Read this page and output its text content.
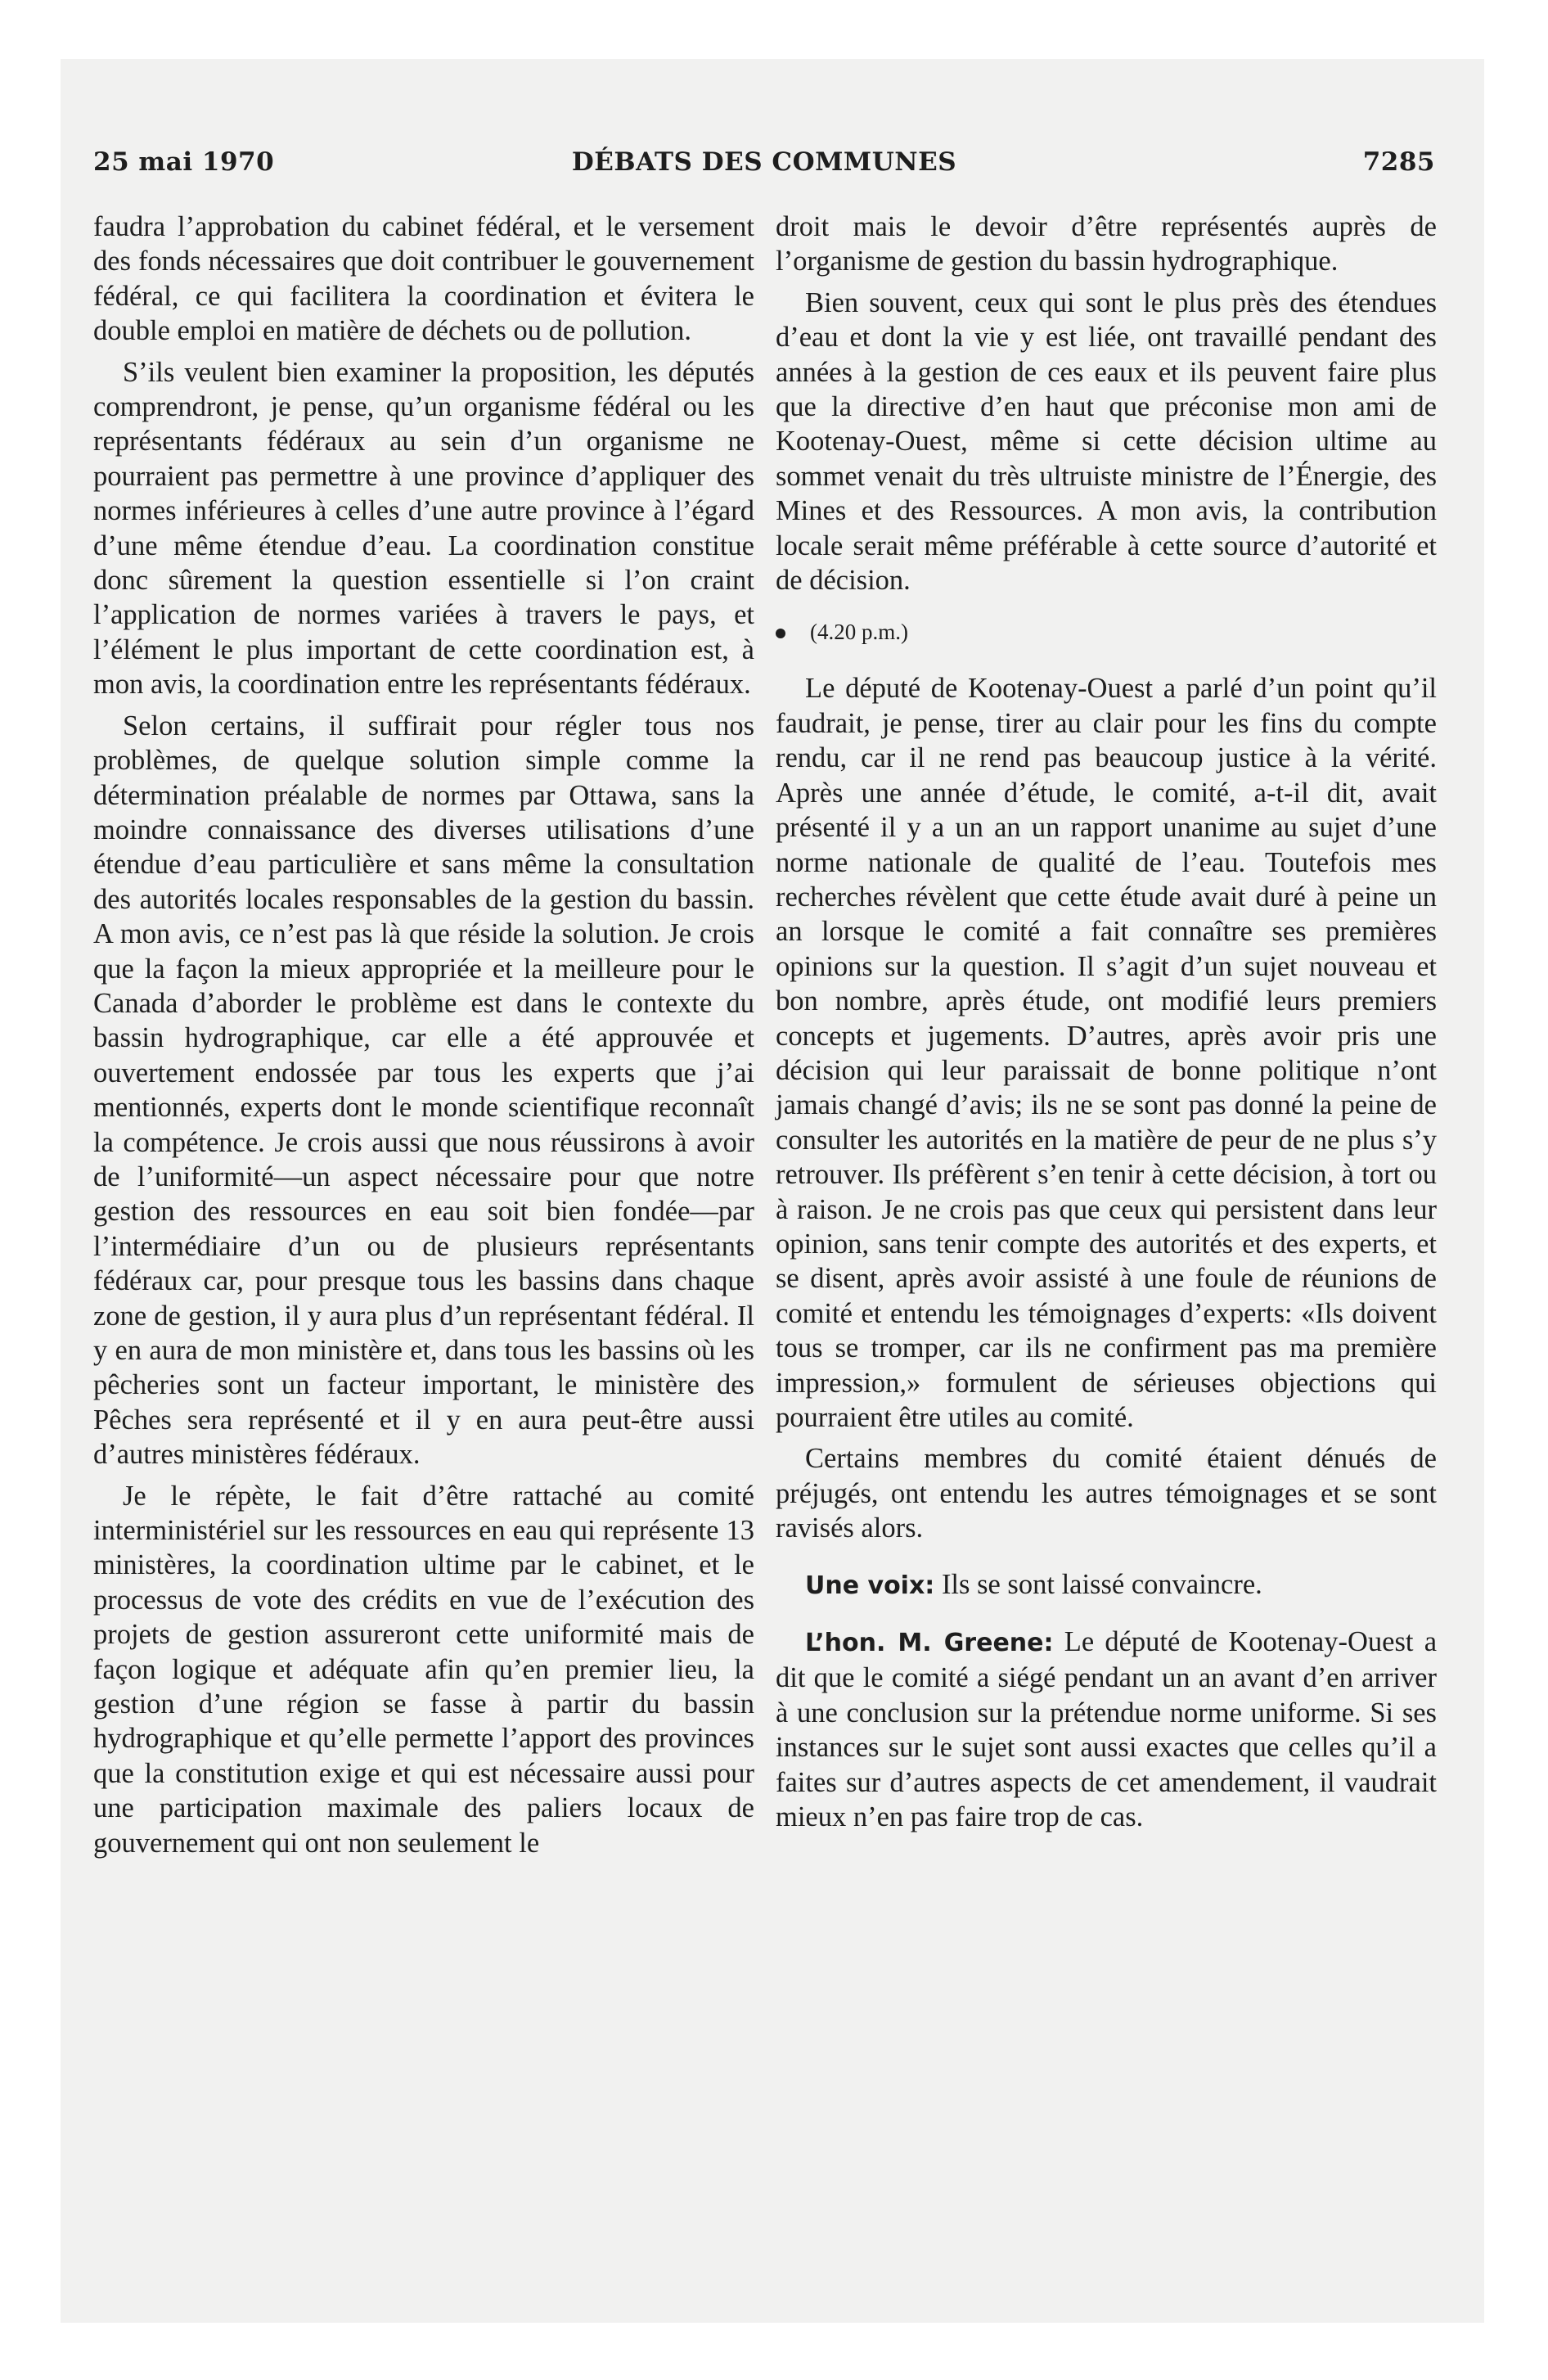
25 mai 1970	DÉBATS DES COMMUNES	7285

faudra l’approbation du cabinet fédéral, et le versement des fonds nécessaires que doit contribuer le gouvernement fédéral, ce qui facilitera la coordination et évitera le double emploi en matière de déchets ou de pollution.

S’ils veulent bien examiner la proposition, les députés comprendront, je pense, qu’un organisme fédéral ou les représentants fédéraux au sein d’un organisme ne pourraient pas permettre à une province d’appliquer des normes inférieures à celles d’une autre province à l’égard d’une même étendue d’eau. La coordination constitue donc sûrement la question essentielle si l’on craint l’application de normes variées à travers le pays, et l’élément le plus important de cette coordination est, à mon avis, la coordination entre les représentants fédéraux.

Selon certains, il suffirait pour régler tous nos problèmes, de quelque solution simple comme la détermination préalable de normes par Ottawa, sans la moindre connaissance des diverses utilisations d’une étendue d’eau particulière et sans même la consultation des autorités locales responsables de la gestion du bassin. A mon avis, ce n’est pas là que réside la solution. Je crois que la façon la mieux appropriée et la meilleure pour le Canada d’aborder le problème est dans le contexte du bassin hydrographique, car elle a été approuvée et ouvertement endossée par tous les experts que j’ai mentionnés, experts dont le monde scientifique reconnaît la compétence. Je crois aussi que nous réussirons à avoir de l’uniformité—un aspect nécessaire pour que notre gestion des ressources en eau soit bien fondée—par l’intermédiaire d’un ou de plusieurs représentants fédéraux car, pour presque tous les bassins dans chaque zone de gestion, il y aura plus d’un représentant fédéral. Il y en aura de mon ministère et, dans tous les bassins où les pêcheries sont un facteur important, le ministère des Pêches sera représenté et il y en aura peut-être aussi d’autres ministères fédéraux.

Je le répète, le fait d’être rattaché au comité interministériel sur les ressources en eau qui représente 13 ministères, la coordination ultime par le cabinet, et le processus de vote des crédits en vue de l’exécution des projets de gestion assureront cette uniformité mais de façon logique et adéquate afin qu’en premier lieu, la gestion d’une région se fasse à partir du bassin hydrographique et qu’elle permette l’apport des provinces que la constitution exige et qui est nécessaire aussi pour une participation maximale des paliers locaux de gouvernement qui ont non seulement le

droit mais le devoir d’être représentés auprès de l’organisme de gestion du bassin hydrographique.

Bien souvent, ceux qui sont le plus près des étendues d’eau et dont la vie y est liée, ont travaillé pendant des années à la gestion de ces eaux et ils peuvent faire plus que la directive d’en haut que préconise mon ami de Kootenay-Ouest, même si cette décision ultime au sommet venait du très ultruiste ministre de l’Énergie, des Mines et des Ressources. A mon avis, la contribution locale serait même préférable à cette source d’autorité et de décision.

(4.20 p.m.)

Le député de Kootenay-Ouest a parlé d’un point qu’il faudrait, je pense, tirer au clair pour les fins du compte rendu, car il ne rend pas beaucoup justice à la vérité. Après une année d’étude, le comité, a-t-il dit, avait présenté il y a un an un rapport unanime au sujet d’une norme nationale de qualité de l’eau. Toutefois mes recherches révèlent que cette étude avait duré à peine un an lorsque le comité a fait connaître ses premières opinions sur la question. Il s’agit d’un sujet nouveau et bon nombre, après étude, ont modifié leurs premiers concepts et jugements. D’autres, après avoir pris une décision qui leur paraissait de bonne politique n’ont jamais changé d’avis; ils ne se sont pas donné la peine de consulter les autorités en la matière de peur de ne plus s’y retrouver. Ils préfèrent s’en tenir à cette décision, à tort ou à raison. Je ne crois pas que ceux qui persistent dans leur opinion, sans tenir compte des autorités et des experts, et se disent, après avoir assisté à une foule de réunions de comité et entendu les témoignages d’experts: «Ils doivent tous se tromper, car ils ne confirment pas ma première impression,» formulent de sérieuses objections qui pourraient être utiles au comité.

Certains membres du comité étaient dénués de préjugés, ont entendu les autres témoignages et se sont ravisés alors.

Une voix: Ils se sont laissé convaincre.

L’hon. M. Greene: Le député de Kootenay-Ouest a dit que le comité a siégé pendant un an avant d’en arriver à une conclusion sur la prétendue norme uniforme. Si ses instances sur le sujet sont aussi exactes que celles qu’il a faites sur d’autres aspects de cet amendement, il vaudrait mieux n’en pas faire trop de cas.
